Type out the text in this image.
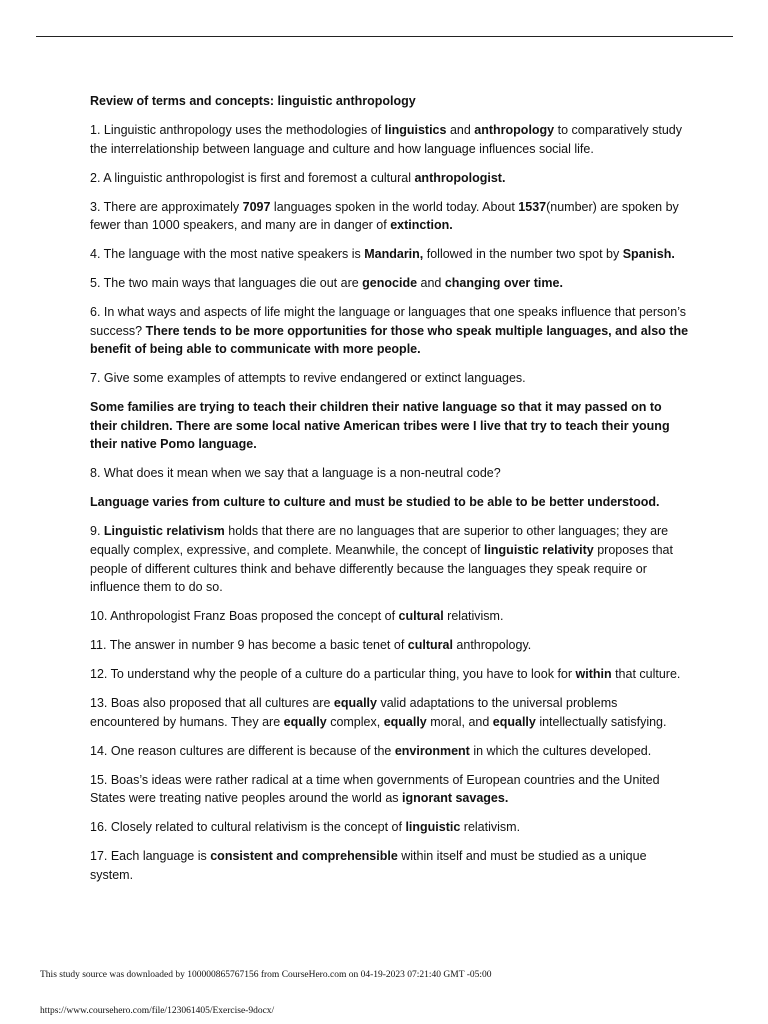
Review of terms and concepts: linguistic anthropology

1. Linguistic anthropology uses the methodologies of linguistics and anthropology to comparatively study the interrelationship between language and culture and how language influences social life.

2. A linguistic anthropologist is first and foremost a cultural anthropologist.

3. There are approximately 7097 languages spoken in the world today. About 1537(number) are spoken by fewer than 1000 speakers, and many are in danger of extinction.

4. The language with the most native speakers is Mandarin, followed in the number two spot by Spanish.

5. The two main ways that languages die out are genocide and changing over time.

6. In what ways and aspects of life might the language or languages that one speaks influence that person’s success? There tends to be more opportunities for those who speak multiple languages, and also the benefit of being able to communicate with more people.

7. Give some examples of attempts to revive endangered or extinct languages.

Some families are trying to teach their children their native language so that it may passed on to their children. There are some local native American tribes were I live that try to teach their young their native Pomo language.

8. What does it mean when we say that a language is a non-neutral code?

Language varies from culture to culture and must be studied to be able to be better understood.

9. Linguistic relativism holds that there are no languages that are superior to other languages; they are equally complex, expressive, and complete. Meanwhile, the concept of linguistic relativity proposes that people of different cultures think and behave differently because the languages they speak require or influence them to do so.

10. Anthropologist Franz Boas proposed the concept of cultural relativism.

11. The answer in number 9 has become a basic tenet of cultural anthropology.

12. To understand why the people of a culture do a particular thing, you have to look for within that culture.

13. Boas also proposed that all cultures are equally valid adaptations to the universal problems encountered by humans. They are equally complex, equally moral, and equally intellectually satisfying.

14. One reason cultures are different is because of the environment in which the cultures developed.

15. Boas’s ideas were rather radical at a time when governments of European countries and the United States were treating native peoples around the world as ignorant savages.

16. Closely related to cultural relativism is the concept of linguistic relativism.

17. Each language is consistent and comprehensible within itself and must be studied as a unique system.

This study source was downloaded by 100000865767156 from CourseHero.com on 04-19-2023 07:21:40 GMT -05:00
https://www.coursehero.com/file/123061405/Exercise-9docx/
